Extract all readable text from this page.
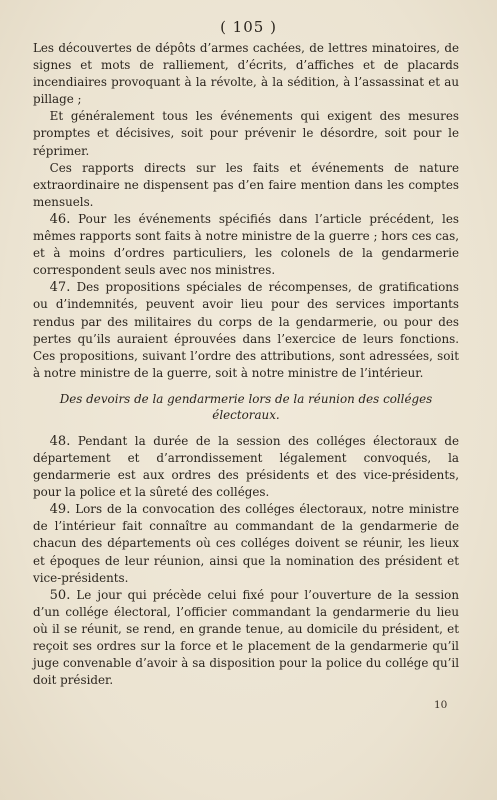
( 105 )

Les découvertes de dépôts d’armes cachées, de lettres minatoires, de signes et mots de ralliement, d’écrits, d’affiches et de placards incendiaires provoquant à la révolte, à la sédition, à l’assassinat et au pillage ;

Et généralement tous les événements qui exigent des mesures promptes et décisives, soit pour prévenir le désordre, soit pour le réprimer.

Ces rapports directs sur les faits et événements de nature extraordinaire ne dispensent pas d’en faire mention dans les comptes mensuels.

46. Pour les événements spécifiés dans l’article précédent, les mêmes rapports sont faits à notre ministre de la guerre ; hors ces cas, et à moins d’ordres particuliers, les colonels de la gendarmerie correspondent seuls avec nos ministres.

47. Des propositions spéciales de récompenses, de gratifications ou d’indemnités, peuvent avoir lieu pour des services importants rendus par des militaires du corps de la gendarmerie, ou pour des pertes qu’ils auraient éprouvées dans l’exercice de leurs fonctions. Ces propositions, suivant l’ordre des attributions, sont adressées, soit à notre ministre de la guerre, soit à notre ministre de l’intérieur.

Des devoirs de la gendarmerie lors de la réunion des colléges électoraux.

48. Pendant la durée de la session des colléges électoraux de département et d’arrondissement légalement convoqués, la gendarmerie est aux ordres des présidents et des vice-présidents, pour la police et la sûreté des colléges.

49. Lors de la convocation des colléges électoraux, notre ministre de l’intérieur fait connaître au commandant de la gendarmerie de chacun des départements où ces colléges doivent se réunir, les lieux et époques de leur réunion, ainsi que la nomination des président et vice-présidents.

50. Le jour qui précède celui fixé pour l’ouverture de la session d’un collége électoral, l’officier commandant la gendarmerie du lieu où il se réunit, se rend, en grande tenue, au domicile du président, et reçoit ses ordres sur la force et le placement de la gendarmerie qu’il juge convenable d’avoir à sa disposition pour la police du collége qu’il doit présider.

10
